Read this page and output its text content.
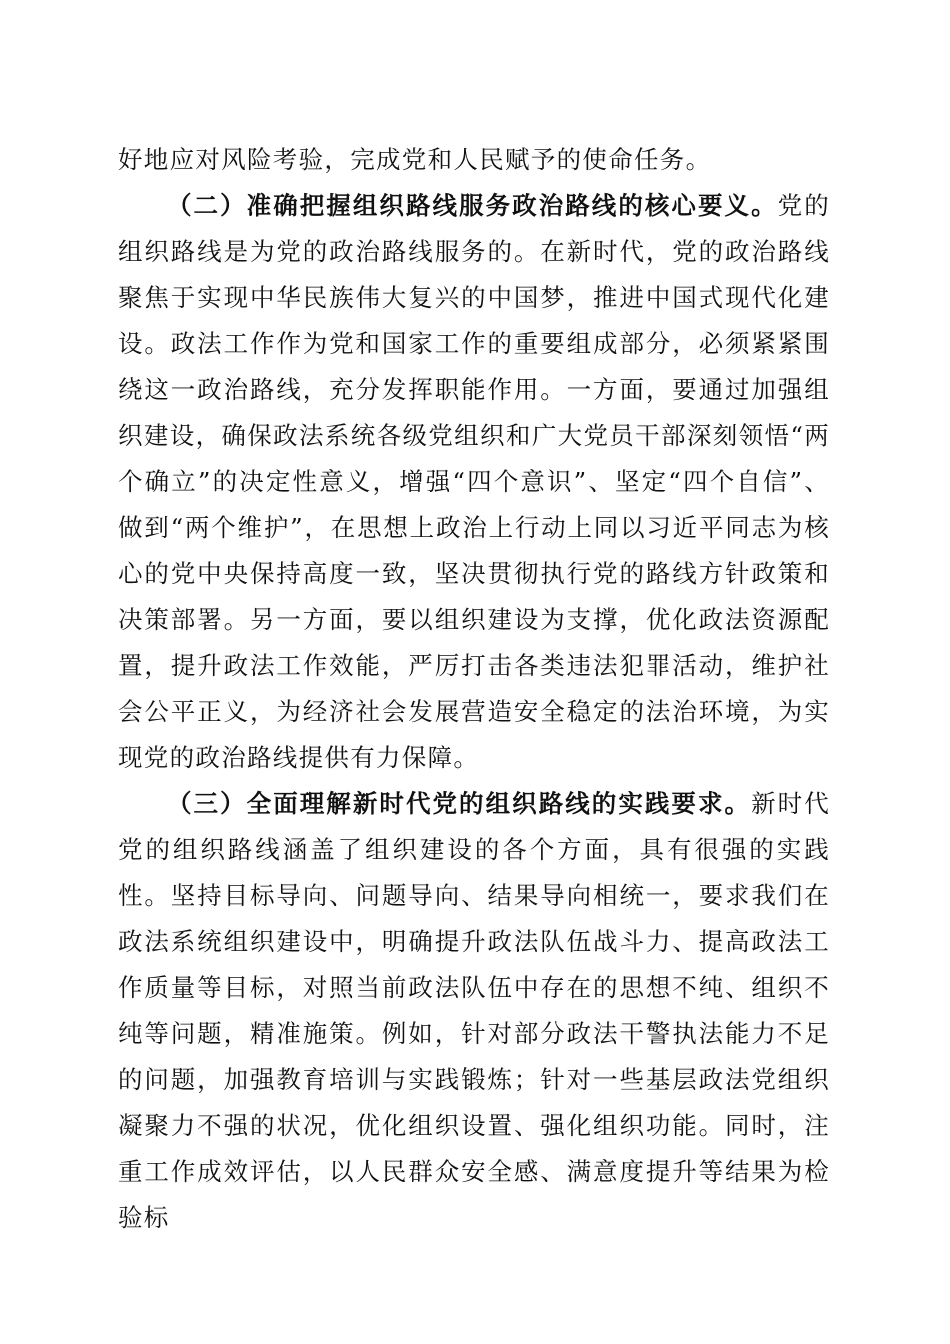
好地应对风险考验，完成党和人民赋予的使命任务。

（二）准确把握组织路线服务政治路线的核心要义。党的组织路线是为党的政治路线服务的。在新时代，党的政治路线聚焦于实现中华民族伟大复兴的中国梦，推进中国式现代化建设。政法工作作为党和国家工作的重要组成部分，必须紧紧围绕这一政治路线，充分发挥职能作用。一方面，要通过加强组织建设，确保政法系统各级党组织和广大党员干部深刻领悟“两个确立”的决定性意义，增强“四个意识”、坚定“四个自信”、做到“两个维护”，在思想上政治上行动上同以习近平同志为核心的党中央保持高度一致，坚决贯彻执行党的路线方针政策和决策部署。另一方面，要以组织建设为支撑，优化政法资源配置，提升政法工作效能，严厉打击各类违法犯罪活动，维护社会公平正义，为经济社会发展营造安全稳定的法治环境，为实现党的政治路线提供有力保障。

（三）全面理解新时代党的组织路线的实践要求。新时代党的组织路线涵盖了组织建设的各个方面，具有很强的实践性。坚持目标导向、问题导向、结果导向相统一，要求我们在政法系统组织建设中，明确提升政法队伍战斗力、提高政法工作质量等目标，对照当前政法队伍中存在的思想不纯、组织不纯等问题，精准施策。例如，针对部分政法干警执法能力不足的问题，加强教育培训与实践锻炼；针对一些基层政法党组织凝聚力不强的状况，优化组织设置、强化组织功能。同时，注重工作成效评估，以人民群众安全感、满意度提升等结果为检验标
